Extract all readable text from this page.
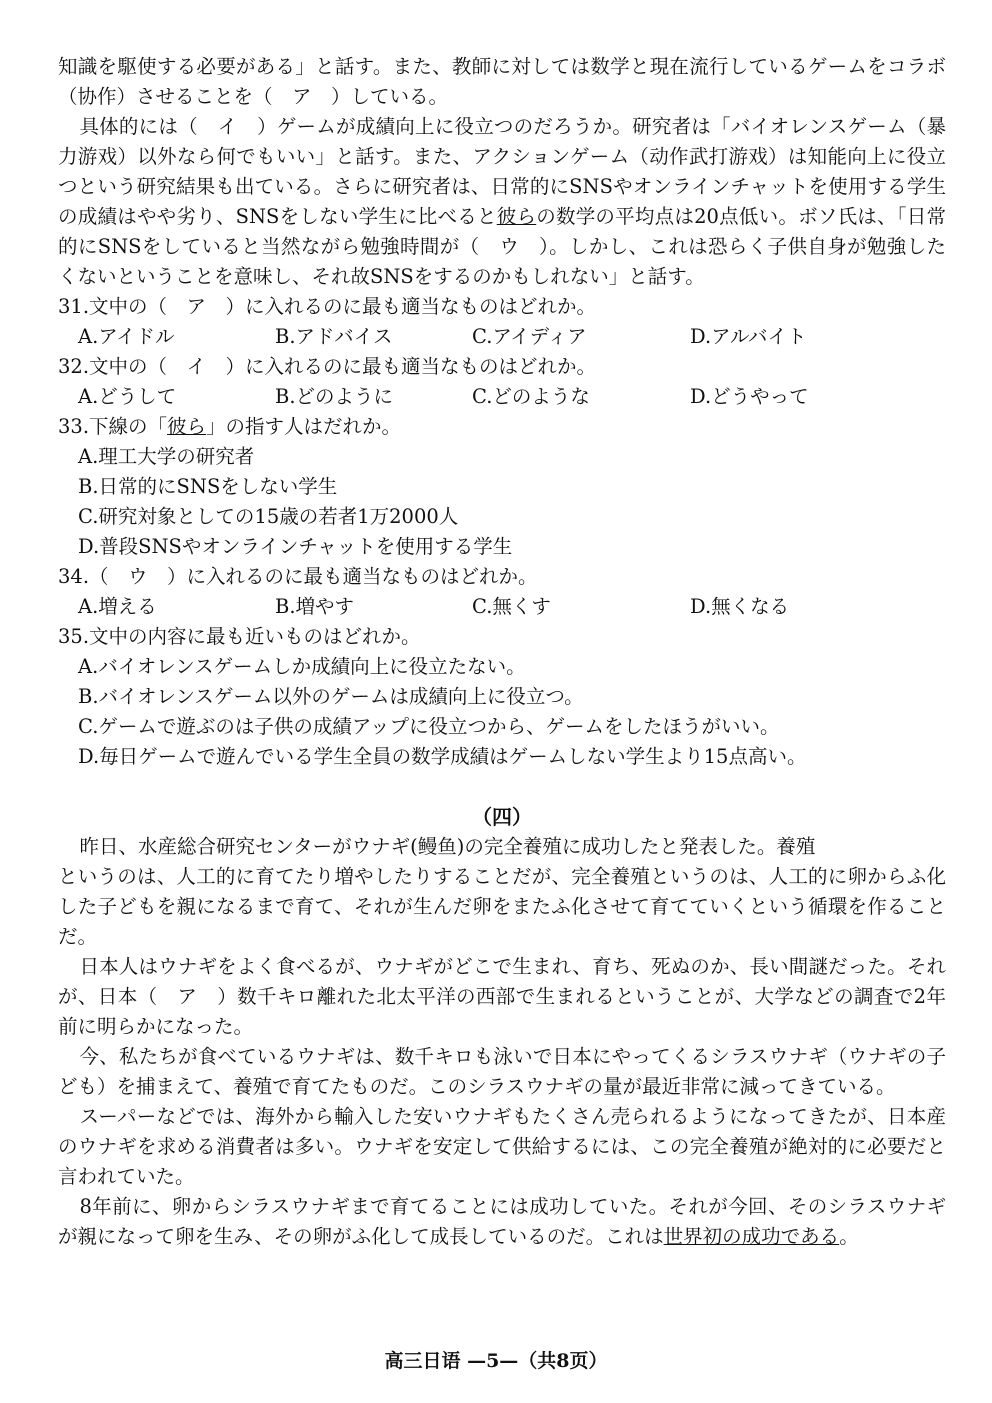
知識を駆使する必要がある」と話す。また、教師に対しては数学と現在流行しているゲームをコラボ（协作）させることを（　ア　）している。

具体的には（　イ　）ゲームが成績向上に役立つのだろうか。研究者は「バイオレンスゲーム（暴力游戏）以外なら何でもいい」と話す。また、アクションゲーム（动作武打游戏）は知能向上に役立つという研究結果も出ている。さらに研究者は、日常的にSNSやオンラインチャットを使用する学生の成績はやや劣り、SNSをしない学生に比べると彼らの数学の平均点は20点低い。ボソ氏は、「日常的にSNSをしていると当然ながら勉強時間が（　ウ　）。しかし、これは恐らく子供自身が勉強したくないということを意味し、それ故SNSをするのかもしれない」と話す。

31.文中の（　ア　）に入れるのに最も適当なものはどれか。

A.アイドル	B.アドバイス	C.アイディア	D.アルバイト

32.文中の（　イ　）に入れるのに最も適当なものはどれか。

A.どうして	B.どのように	C.どのような	D.どうやって

33.下線の「彼ら」の指す人はだれか。

A.理工大学の研究者

B.日常的にSNSをしない学生

C.研究対象としての15歳の若者1万2000人

D.普段SNSやオンラインチャットを使用する学生

34.（　ウ　）に入れるのに最も適当なものはどれか。

A.増える	B.増やす	C.無くす	D.無くなる

35.文中の内容に最も近いものはどれか。

A.バイオレンスゲームしか成績向上に役立たない。

B.バイオレンスゲーム以外のゲームは成績向上に役立つ。

C.ゲームで遊ぶのは子供の成績アップに役立つから、ゲームをしたほうがいい。

D.毎日ゲームで遊んでいる学生全員の数学成績はゲームしない学生より15点高い。

（四）

昨日、水産総合研究センターがウナギ(鳗鱼)の完全養殖に成功したと発表した。養殖

というのは、人工的に育てたり増やしたりすることだが、完全養殖というのは、人工的に卵からふ化した子どもを親になるまで育て、それが生んだ卵をまたふ化させて育てていくという循環を作ることだ。

日本人はウナギをよく食べるが、ウナギがどこで生まれ、育ち、死ぬのか、長い間謎だった。それが、日本（　ア　）数千キロ離れた北太平洋の西部で生まれるということが、大学などの調査で2年前に明らかになった。

今、私たちが食べているウナギは、数千キロも泳いで日本にやってくるシラスウナギ（ウナギの子ども）を捕まえて、養殖で育てたものだ。このシラスウナギの量が最近非常に減ってきている。

スーパーなどでは、海外から輸入した安いウナギもたくさん売られるようになってきたが、日本産のウナギを求める消費者は多い。ウナギを安定して供給するには、この完全養殖が絶対的に必要だと言われていた。

8年前に、卵からシラスウナギまで育てることには成功していた。それが今回、そのシラスウナギが親になって卵を生み、その卵がふ化して成長しているのだ。これは世界初の成功である。

高三日语 —5—（共8页）
